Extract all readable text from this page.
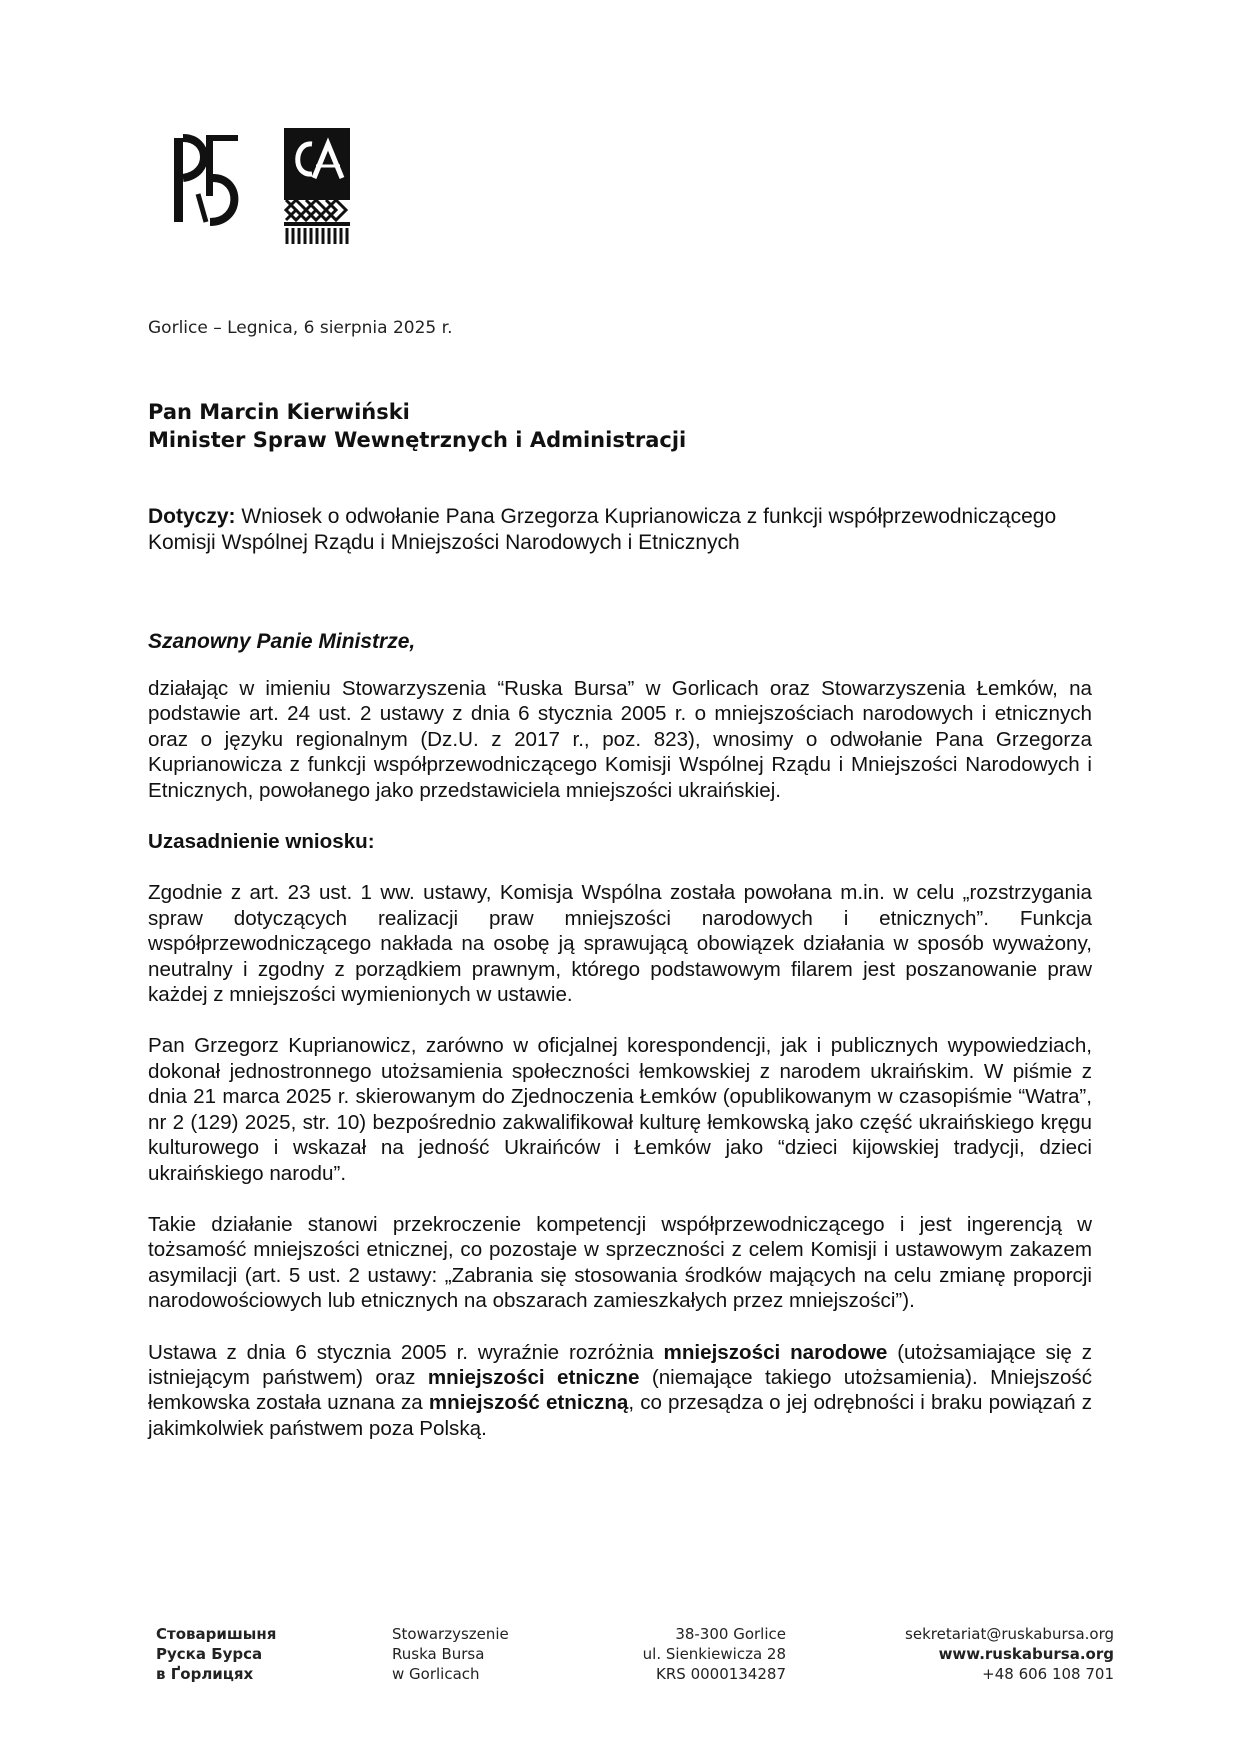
Gorlice – Legnica, 6 sierpnia 2025 r.
Pan Marcin Kierwiński
Minister Spraw Wewnętrznych i Administracji
Dotyczy: Wniosek o odwołanie Pana Grzegorza Kuprianowicza z funkcji współprzewodniczącego Komisji Wspólnej Rządu i Mniejszości Narodowych i Etnicznych
Szanowny Panie Ministrze,

działając w imieniu Stowarzyszenia “Ruska Bursa” w Gorlicach oraz Stowarzyszenia Łemków, na podstawie art. 24 ust. 2 ustawy z dnia 6 stycznia 2005 r. o mniejszościach narodowych i etnicznych oraz o języku regionalnym (Dz.U. z 2017 r., poz. 823), wnosimy o odwołanie Pana Grzegorza Kuprianowicza z funkcji współprzewodniczącego Komisji Wspólnej Rządu i Mniejszości Narodowych i Etnicznych, powołanego jako przedstawiciela mniejszości ukraińskiej.

Uzasadnienie wniosku:

Zgodnie z art. 23 ust. 1 ww. ustawy, Komisja Wspólna została powołana m.in. w celu „rozstrzygania spraw dotyczących realizacji praw mniejszości narodowych i etnicznych”. Funkcja współprzewodniczącego nakłada na osobę ją sprawującą obowiązek działania w sposób wyważony, neutralny i zgodny z porządkiem prawnym, którego podstawowym filarem jest poszanowanie praw każdej z mniejszości wymienionych w ustawie.

Pan Grzegorz Kuprianowicz, zarówno w oficjalnej korespondencji, jak i publicznych wypowiedziach, dokonał jednostronnego utożsamienia społeczności łemkowskiej z narodem ukraińskim. W piśmie z dnia 21 marca 2025 r. skierowanym do Zjednoczenia Łemków (opublikowanym w czasopiśmie “Watra”, nr 2 (129) 2025, str. 10) bezpośrednio zakwalifikował kulturę łemkowską jako część ukraińskiego kręgu kulturowego i wskazał na jedność Ukraińców i Łemków jako “dzieci kijowskiej tradycji, dzieci ukraińskiego narodu”.

Takie działanie stanowi przekroczenie kompetencji współprzewodniczącego i jest ingerencją w tożsamość mniejszości etnicznej, co pozostaje w sprzeczności z celem Komisji i ustawowym zakazem asymilacji (art. 5 ust. 2 ustawy: „Zabrania się stosowania środków mających na celu zmianę proporcji narodowościowych lub etnicznych na obszarach zamieszkałych przez mniejszości”).

Ustawa z dnia 6 stycznia 2005 r. wyraźnie rozróżnia mniejszości narodowe (utożsamiające się z istniejącym państwem) oraz mniejszości etniczne (niemające takiego utożsamienia). Mniejszość łemkowska została uznana za mniejszość etniczną, co przesądza o jej odrębności i braku powiązań z jakimkolwiek państwem poza Polską.

Стоваришыня
Руска Бурса
в Ґорлицях
Stowarzyszenie
Ruska Bursa
w Gorlicach
38-300 Gorlice
ul. Sienkiewicza 28
KRS 0000134287
sekretariat@ruskabursa.org
www.ruskabursa.org
+48 606 108 701
